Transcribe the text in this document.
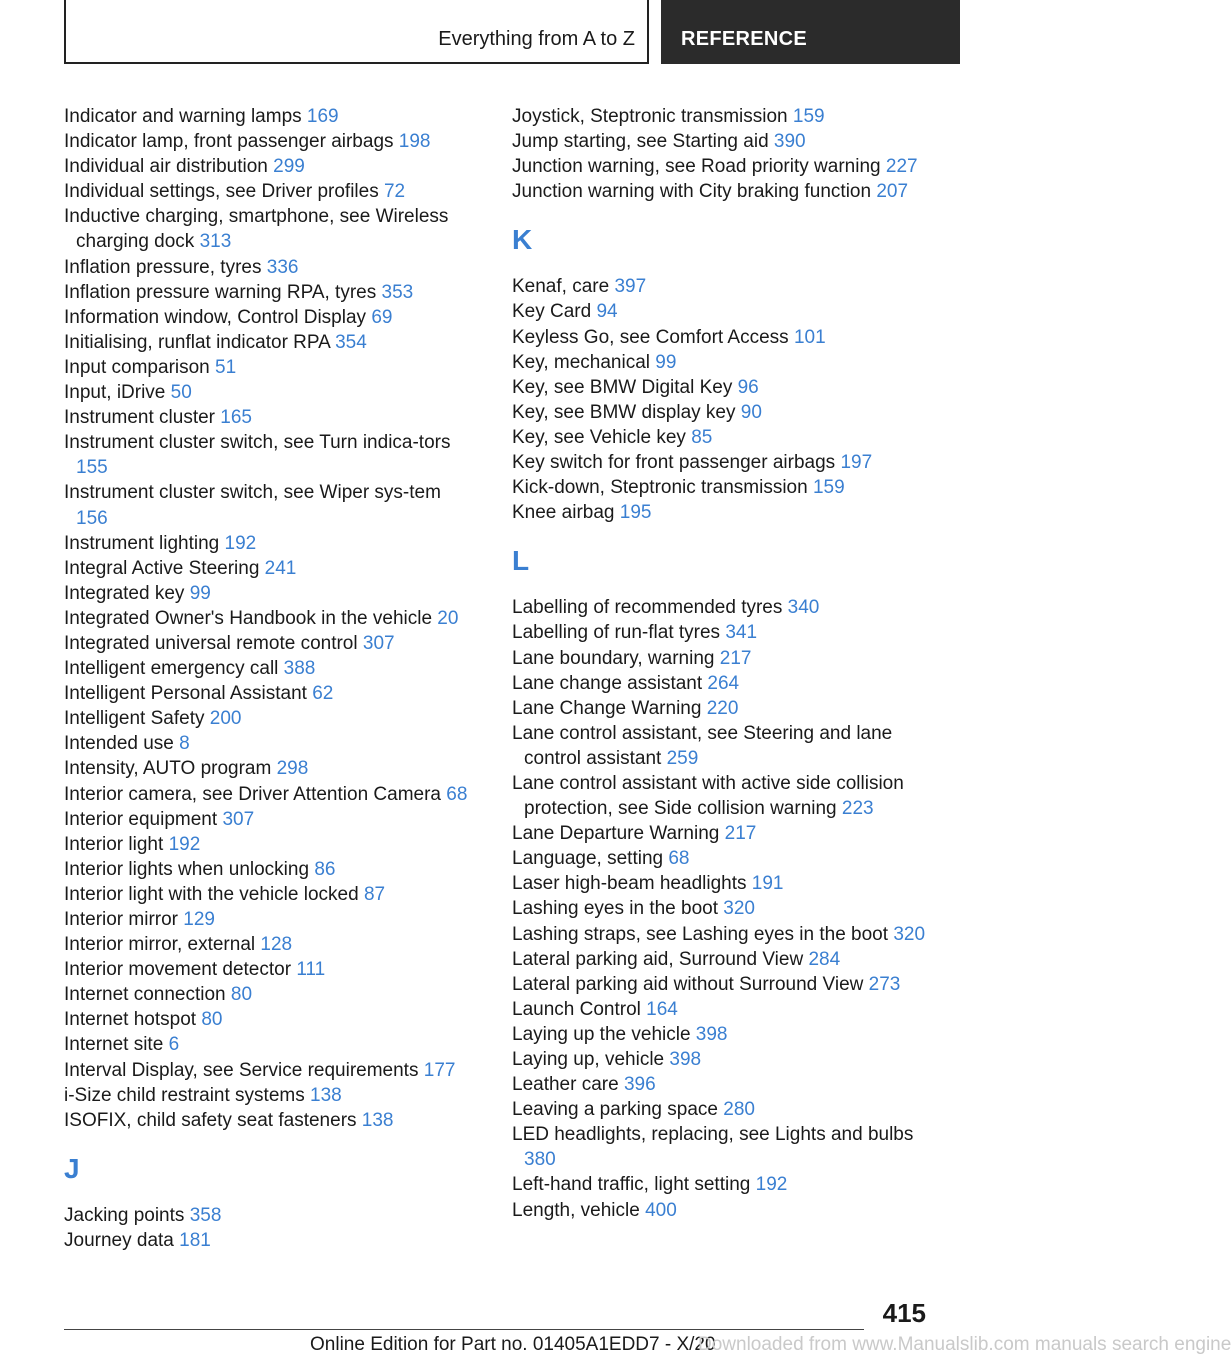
Everything from A to Z REFERENCE
Indicator and warning lamps 169
Indicator lamp, front passenger airbags 198
Individual air distribution 299
Individual settings, see Driver profiles 72
Inductive charging, smartphone, see Wireless charging dock 313
Inflation pressure, tyres 336
Inflation pressure warning RPA, tyres 353
Information window, Control Display 69
Initialising, runflat indicator RPA 354
Input comparison 51
Input, iDrive 50
Instrument cluster 165
Instrument cluster switch, see Turn indica-tors 155
Instrument cluster switch, see Wiper sys-tem 156
Instrument lighting 192
Integral Active Steering 241
Integrated key 99
Integrated Owner's Handbook in the vehicle 20
Integrated universal remote control 307
Intelligent emergency call 388
Intelligent Personal Assistant 62
Intelligent Safety 200
Intended use 8
Intensity, AUTO program 298
Interior camera, see Driver Attention Camera 68
Interior equipment 307
Interior light 192
Interior lights when unlocking 86
Interior light with the vehicle locked 87
Interior mirror 129
Interior mirror, external 128
Interior movement detector 111
Internet connection 80
Internet hotspot 80
Internet site 6
Interval Display, see Service requirements 177
i-Size child restraint systems 138
ISOFIX, child safety seat fasteners 138
J
Jacking points 358
Journey data 181
Joystick, Steptronic transmission 159
Jump starting, see Starting aid 390
Junction warning, see Road priority warning 227
Junction warning with City braking function 207
K
Kenaf, care 397
Key Card 94
Keyless Go, see Comfort Access 101
Key, mechanical 99
Key, see BMW Digital Key 96
Key, see BMW display key 90
Key, see Vehicle key 85
Key switch for front passenger airbags 197
Kick-down, Steptronic transmission 159
Knee airbag 195
L
Labelling of recommended tyres 340
Labelling of run-flat tyres 341
Lane boundary, warning 217
Lane change assistant 264
Lane Change Warning 220
Lane control assistant, see Steering and lane control assistant 259
Lane control assistant with active side collision protection, see Side collision warning 223
Lane Departure Warning 217
Language, setting 68
Laser high-beam headlights 191
Lashing eyes in the boot 320
Lashing straps, see Lashing eyes in the boot 320
Lateral parking aid, Surround View 284
Lateral parking aid without Surround View 273
Launch Control 164
Laying up the vehicle 398
Laying up, vehicle 398
Leather care 396
Leaving a parking space 280
LED headlights, replacing, see Lights and bulbs 380
Left-hand traffic, light setting 192
Length, vehicle 400
415
Online Edition for Part no. 01405A1EDD7 - X/20
Downloaded from www.Manualslib.com manuals search engine
